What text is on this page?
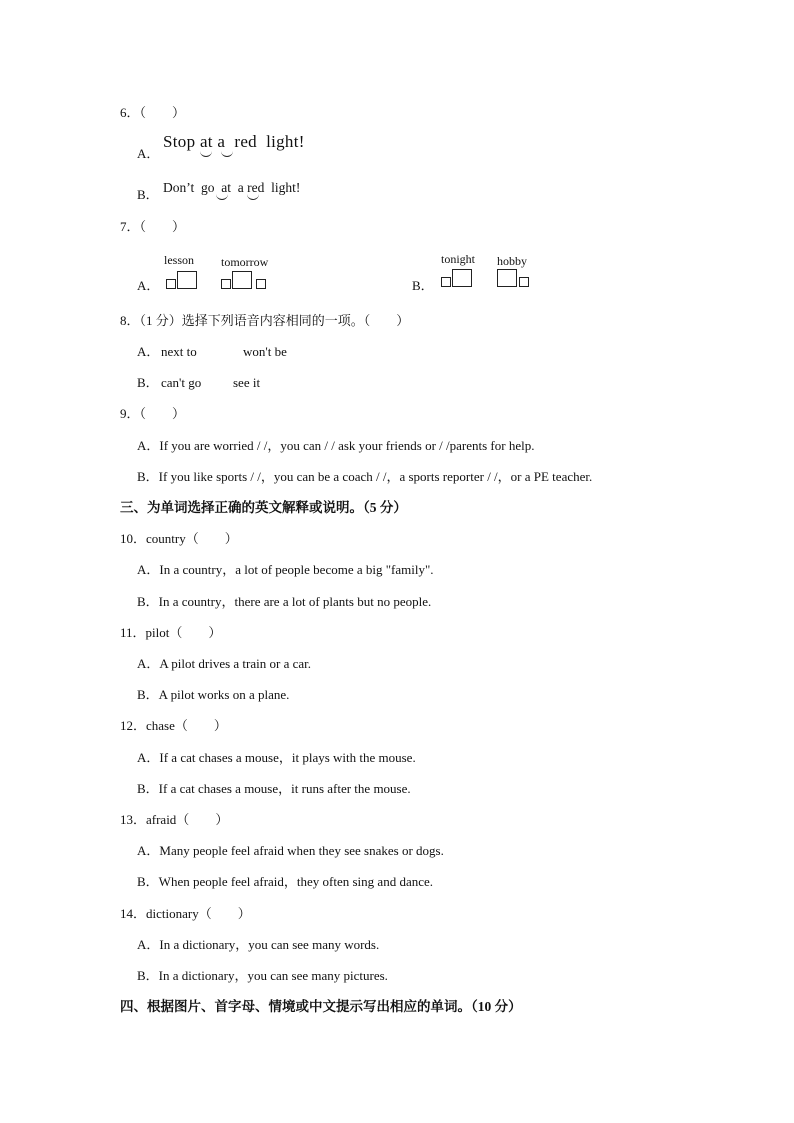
6．（ ）
A．
Stop at a red light!
B． Don’t go at a red light!
7．（ ）
A．
lesson tomorrow
B．
tonight hobby
8．（1 分）选择下列语音内容相同的一项。（　　）
A． next to	won't be
B． can't go see it
9．（ ）
A．If you are worried / /，you can / / ask your friends or / /parents for help.
B．If you like sports / /，you can be a coach / /，a sports reporter / /，or a PE teacher.
三、为单词选择正确的英文解释或说明。（5 分）
10．country（ ）
A．In a country，a lot of people become a big "family".
B．In a country，there are a lot of plants but no people.
11．pilot（ ）
A．A pilot drives a train or a car.
B．A pilot works on a plane.
12．chase（ ）
A．If a cat chases a mouse，it plays with the mouse.
B．If a cat chases a mouse，it runs after the mouse.
13．afraid（ ）
A．Many people feel afraid when they see snakes or dogs.
B．When people feel afraid，they often sing and dance.
14．dictionary（ ）
A．In a dictionary，you can see many words.
B．In a dictionary，you can see many pictures.
四、根据图片、首字母、情境或中文提示写出相应的单词。（10 分）
